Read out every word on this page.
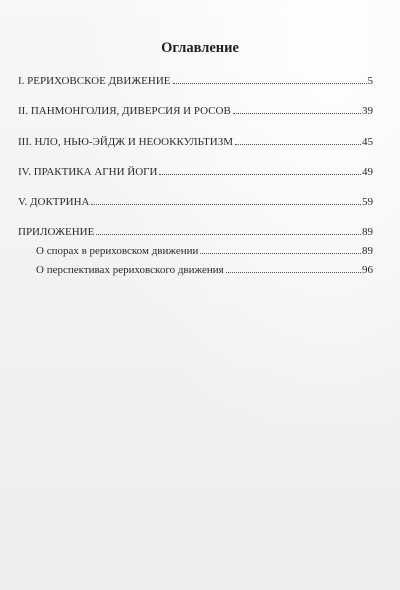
Оглавление
I. РЕРИХОВСКОЕ ДВИЖЕНИЕ	5
II. ПАНМОНГОЛИЯ, ДИВЕРСИЯ И РОСОВ	39
III. НЛО, НЬЮ-ЭЙДЖ И НЕООККУЛЬТИЗМ	45
IV. ПРАКТИКА АГНИ ЙОГИ	49
V. ДОКТРИНА	59
ПРИЛОЖЕНИЕ	89
О спорах в рериховском движении	89
О перспективах рериховского движения	96
